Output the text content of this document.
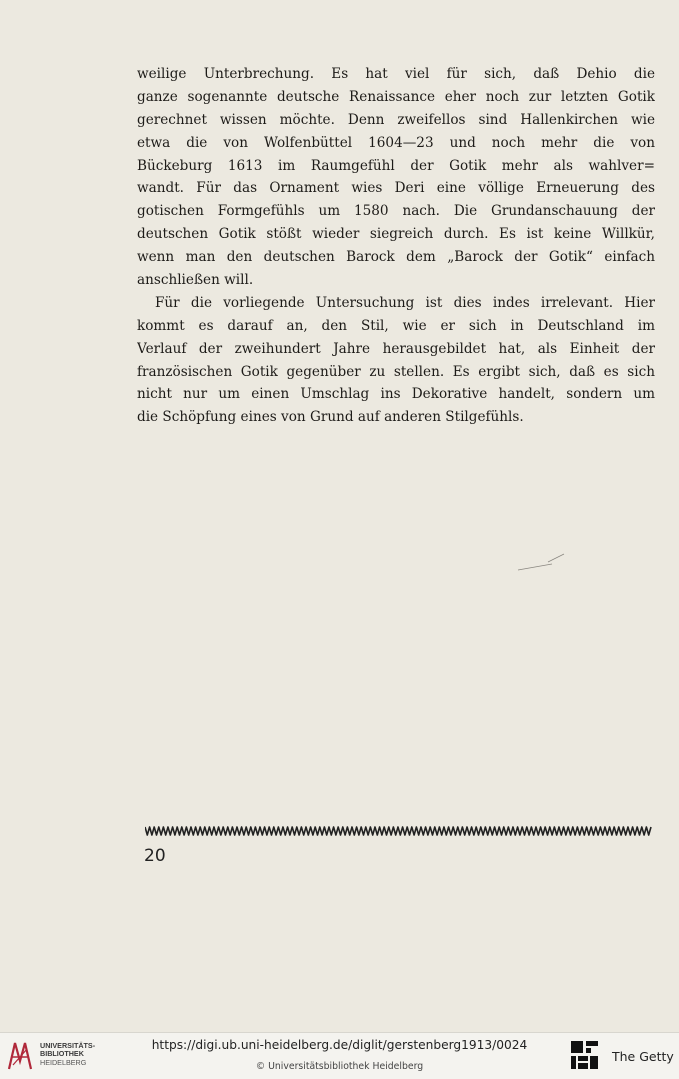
weilige Unterbrechung. Es hat viel für sich, daß Dehio die
ganze sogenannte deutsche Renaissance eher noch zur letzten Gotik
gerechnet wissen möchte. Denn zweifellos sind Hallenkirchen wie
etwa die von Wolfenbüttel 1604—23 und noch mehr die von
Bückeburg 1613 im Raumgefühl der Gotik mehr als wahlver=
wandt. Für das Ornament wies Deri eine völlige Erneuerung des
gotischen Formgefühls um 1580 nach. Die Grundanschauung der
deutschen Gotik stößt wieder siegreich durch. Es ist keine Willkür,
wenn man den deutschen Barock dem „Barock der Gotik“ einfach
anschließen will.

Für die vorliegende Untersuchung ist dies indes irrelevant. Hier
kommt es darauf an, den Stil, wie er sich in Deutschland im
Verlauf der zweihundert Jahre herausgebildet hat, als Einheit der
französischen Gotik gegenüber zu stellen. Es ergibt sich, daß es sich
nicht nur um einen Umschlag ins Dekorative handelt, sondern um
die Schöpfung eines von Grund auf anderen Stilgefühls.

20
UNIVERSITÄTS-
BIBLIOTHEK
HEIDELBERG
https://digi.ub.uni-heidelberg.de/diglit/gerstenberg1913/0024
© Universitätsbibliothek Heidelberg
The Getty
